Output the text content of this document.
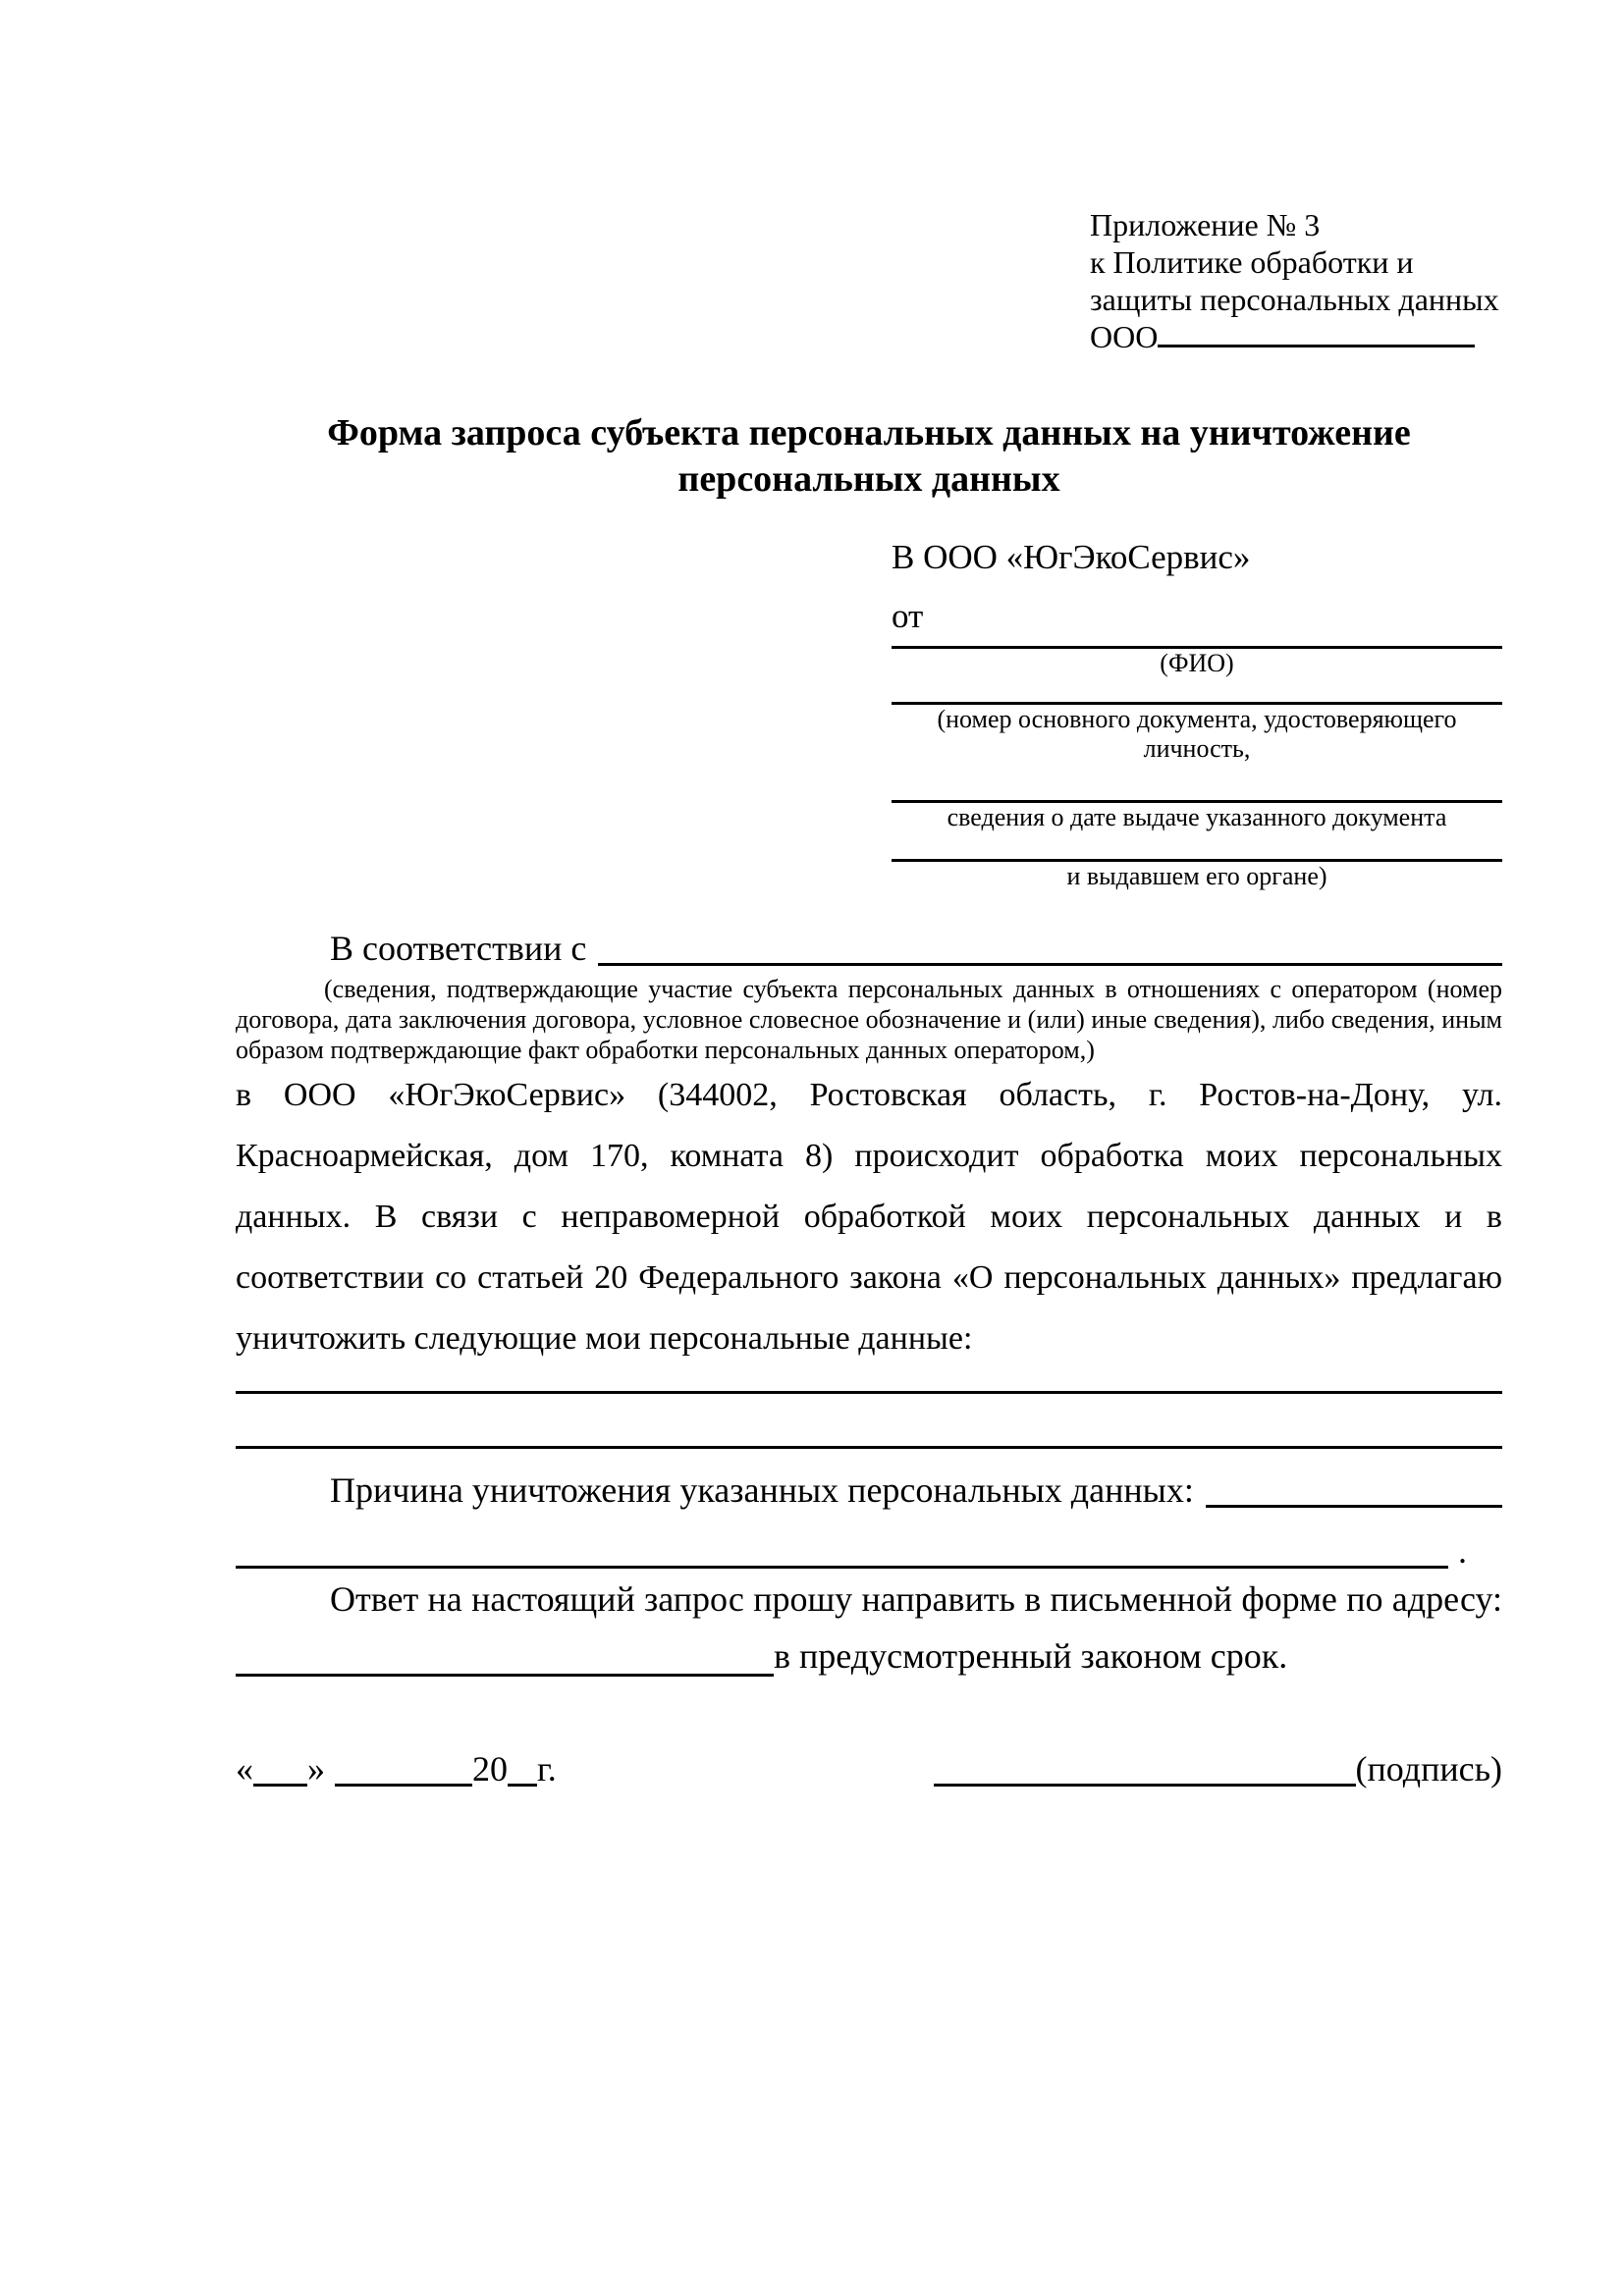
Приложение № 3
к Политике обработки и
защиты персональных данных
ООО
Форма запроса субъекта персональных данных на уничтожение
персональных данных
В ООО «ЮгЭкоСервис»
от
(ФИО)
(номер основного документа, удостоверяющего личность,
сведения о дате выдаче указанного документа
и выдавшем его органе)
В соответствии с
(сведения, подтверждающие участие субъекта персональных данных в отношениях с оператором (номер договора, дата заключения договора, условное словесное обозначение и (или) иные сведения), либо сведения, иным образом подтверждающие факт обработки персональных данных оператором,)
в ООО «ЮгЭкоСервис» (344002, Ростовская область, г. Ростов-на-Дону, ул. Красноармейская, дом 170, комната 8) происходит обработка моих персональных данных. В связи с неправомерной обработкой моих персональных данных и в соответствии со статьей 20 Федерального закона «О персональных данных» предлагаю уничтожить следующие мои персональные данные:
Причина уничтожения указанных персональных данных:
.
Ответ на настоящий запрос прошу направить в письменной форме по адресу:
в предусмотренный законом срок.
« »	20 г.	(подпись)
